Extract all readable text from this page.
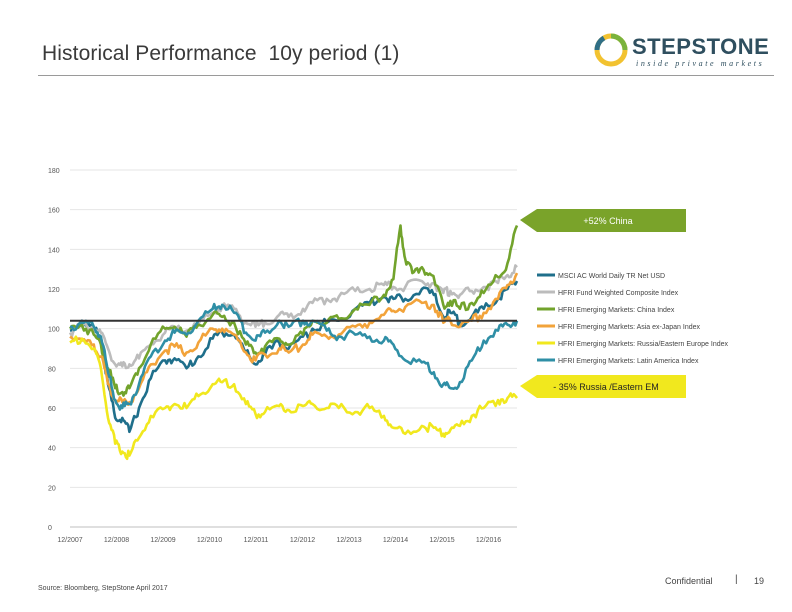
Historical Performance  10y period (1)	STEPSTONE
inside private markets
0
20
40
60
80
100
120
140
160
180
12/2007	12/2008	12/2009	12/2010	12/2011	12/2012	12/2013	12/2014	12/2015	12/2016
MSCI AC World Daily TR Net USD
HFRI Fund Weighted Composite Index
HFRI Emerging Markets: China Index
HFRI Emerging Markets: Asia ex-Japan Index
HFRI Emerging Markets: Russia/Eastern Europe Index
HFRI Emerging Markets: Latin America Index
+52% China
- 35% Russia /Eastern EM
Source: Bloomberg, StepStone April 2017
Confidential | 19
